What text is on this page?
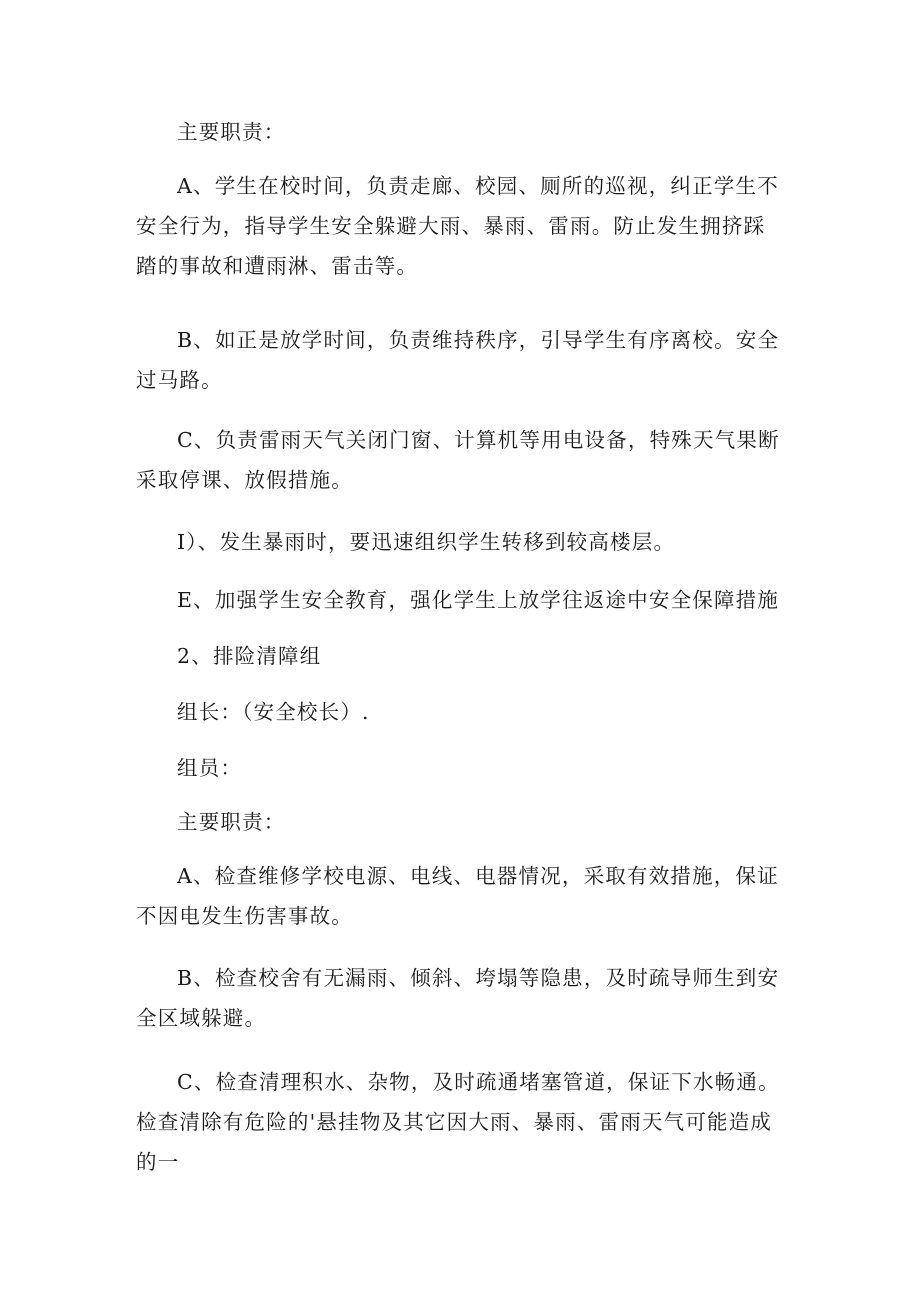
主要职责：

A、学生在校时间，负责走廊、校园、厕所的巡视，纠正学生不安全行为，指导学生安全躲避大雨、暴雨、雷雨。防止发生拥挤踩踏的事故和遭雨淋、雷击等。

B、如正是放学时间，负责维持秩序，引导学生有序离校。安全过马路。

C、负责雷雨天气关闭门窗、计算机等用电设备，特殊天气果断采取停课、放假措施。

I）、发生暴雨时，要迅速组织学生转移到较高楼层。

E、加强学生安全教育，强化学生上放学往返途中安全保障措施

2、排险清障组

组长：（安全校长）.

组员：

主要职责：

A、检查维修学校电源、电线、电器情况，采取有效措施，保证不因电发生伤害事故。

B、检查校舍有无漏雨、倾斜、垮塌等隐患，及时疏导师生到安全区域躲避。

C、检查清理积水、杂物，及时疏通堵塞管道，保证下水畅通。检查清除有危险的'悬挂物及其它因大雨、暴雨、雷雨天气可能造成的一
